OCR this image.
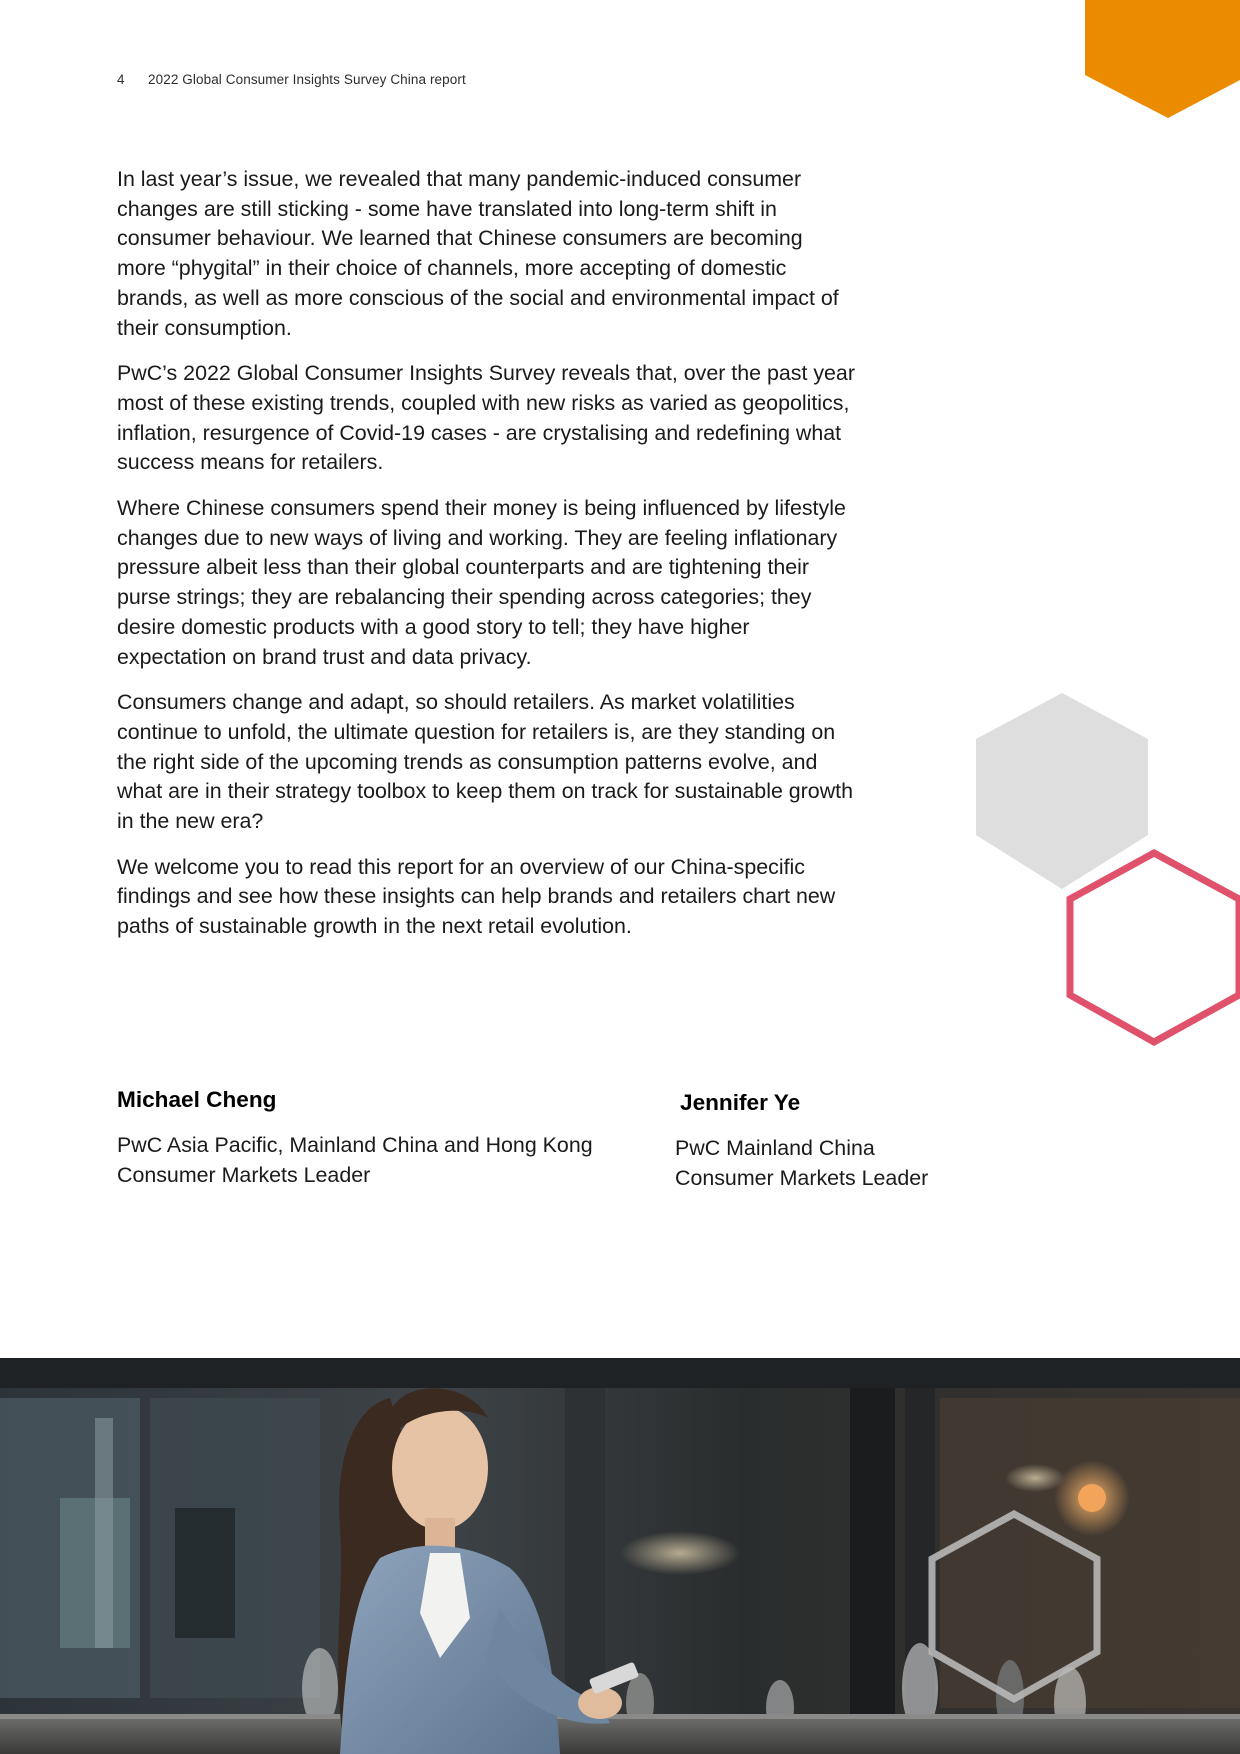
4 2022 Global Consumer Insights Survey China report

In last year’s issue, we revealed that many pandemic-induced consumer changes are still sticking - some have translated into long-term shift in consumer behaviour. We learned that Chinese consumers are becoming more “phygital” in their choice of channels, more accepting of domestic brands, as well as more conscious of the social and environmental impact of their consumption.

PwC’s 2022 Global Consumer Insights Survey reveals that, over the past year most of these existing trends, coupled with new risks as varied as geopolitics, inflation, resurgence of Covid-19 cases - are crystalising and redefining what success means for retailers.

Where Chinese consumers spend their money is being influenced by lifestyle changes due to new ways of living and working. They are feeling inflationary pressure albeit less than their global counterparts and are tightening their purse strings; they are rebalancing their spending across categories; they desire domestic products with a good story to tell; they have higher expectation on brand trust and data privacy.

Consumers change and adapt, so should retailers. As market volatilities continue to unfold, the ultimate question for retailers is, are they standing on the right side of the upcoming trends as consumption patterns evolve, and what are in their strategy toolbox to keep them on track for sustainable growth in the new era?

We welcome you to read this report for an overview of our China-specific findings and see how these insights can help brands and retailers chart new paths of sustainable growth in the next retail evolution.

Michael Cheng
PwC Asia Pacific, Mainland China and Hong Kong
Consumer Markets Leader
Jennifer Ye
PwC Mainland China
Consumer Markets Leader
